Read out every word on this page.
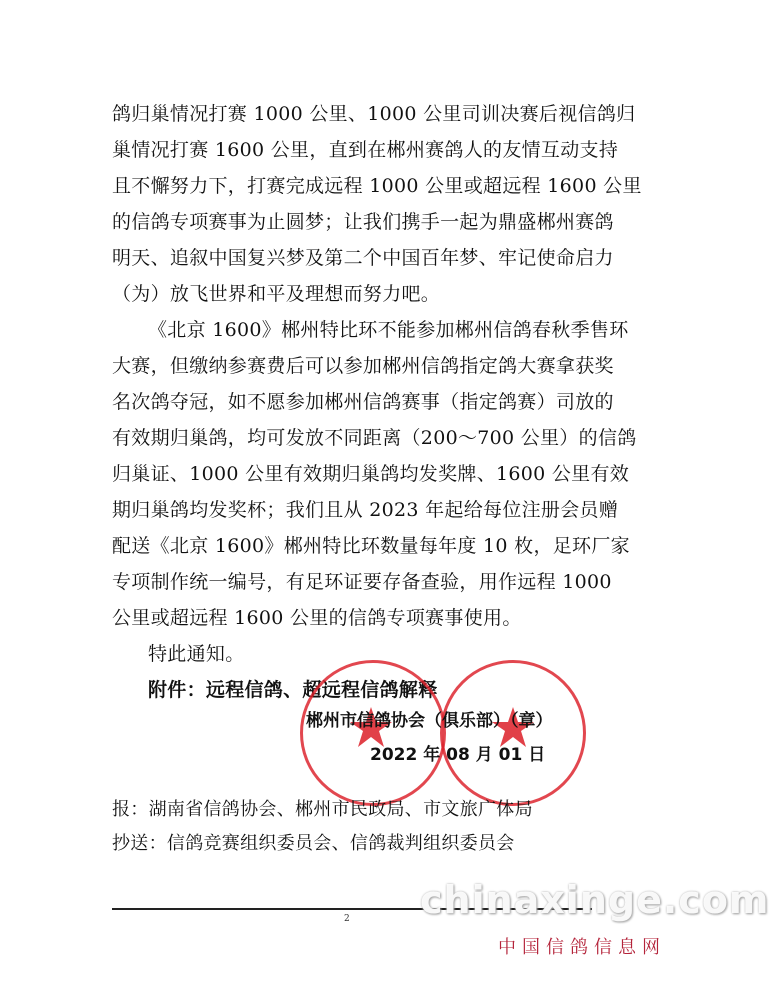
鸽归巢情况打赛 1000 公里、1000 公里司训决赛后视信鸽归
巢情况打赛 1600 公里，直到在郴州赛鸽人的友情互动支持
且不懈努力下，打赛完成远程 1000 公里或超远程 1600 公里
的信鸽专项赛事为止圆梦；让我们携手一起为鼎盛郴州赛鸽
明天、追叙中国复兴梦及第二个中国百年梦、牢记使命启力
（为）放飞世界和平及理想而努力吧。
《北京 1600》郴州特比环不能参加郴州信鸽春秋季售环
大赛，但缴纳参赛费后可以参加郴州信鸽指定鸽大赛拿获奖
名次鸽夺冠，如不愿参加郴州信鸽赛事（指定鸽赛）司放的
有效期归巢鸽，均可发放不同距离（200～700 公里）的信鸽
归巢证、1000 公里有效期归巢鸽均发奖牌、1600 公里有效
期归巢鸽均发奖杯；我们且从 2023 年起给每位注册会员赠
配送《北京 1600》郴州特比环数量每年度 10 枚，足环厂家
专项制作统一编号，有足环证要存备查验，用作远程 1000
公里或超远程 1600 公里的信鸽专项赛事使用。
特此通知。
附件：远程信鸽、超远程信鸽解释
郴州市信鸽协会（俱乐部）（章）
2022 年 08 月 01 日
报：湖南省信鸽协会、郴州市民政局、市文旅广体局
抄送：信鸽竞赛组织委员会、信鸽裁判组织委员会
2 chinaxinge.com
中国信鸽信息网
